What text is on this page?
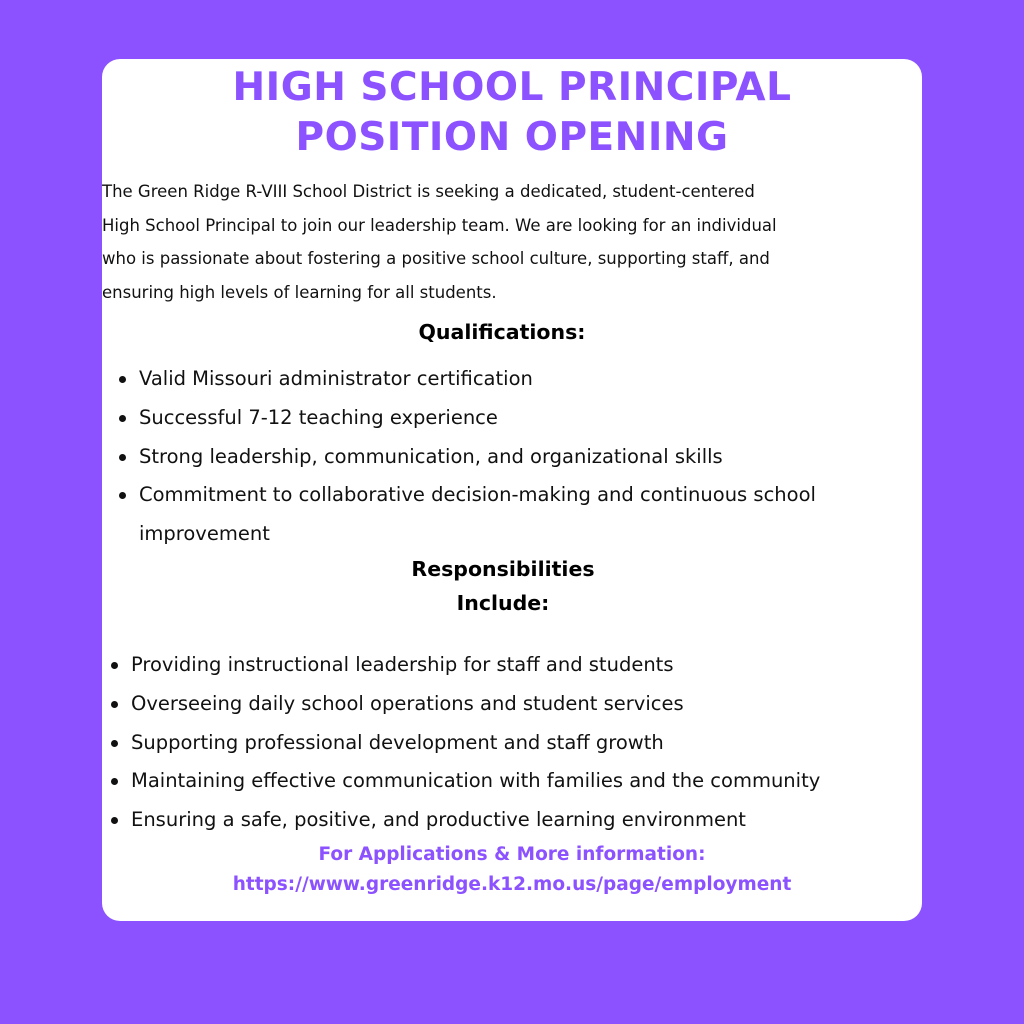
HIGH SCHOOL PRINCIPAL
POSITION OPENING

The Green Ridge R-VIII School District is seeking a dedicated, student-centered
High School Principal to join our leadership team. We are looking for an individual
who is passionate about fostering a positive school culture, supporting staff, and
ensuring high levels of learning for all students.

Qualifications:
Valid Missouri administrator certification
Successful 7-12 teaching experience
Strong leadership, communication, and organizational skills
Commitment to collaborative decision-making and continuous school improvement
Responsibilities
Include:
Providing instructional leadership for staff and students
Overseeing daily school operations and student services
Supporting professional development and staff growth
Maintaining effective communication with families and the community
Ensuring a safe, positive, and productive learning environment
For Applications & More information:
https://www.greenridge.k12.mo.us/page/employment
